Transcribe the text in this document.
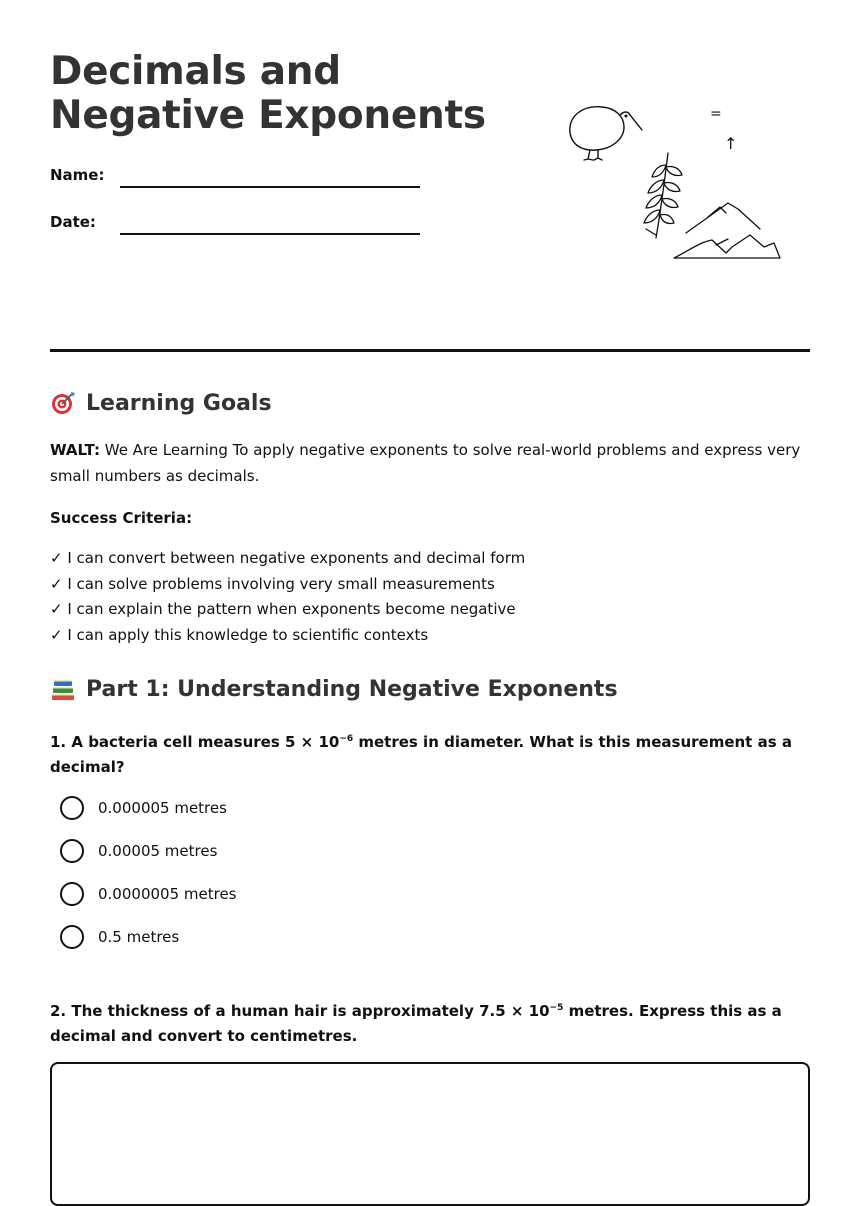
Decimals and Negative Exponents
Name:
Date:
=
↑
Learning Goals

WALT: We Are Learning To apply negative exponents to solve real-world problems and express very small numbers as decimals.

Success Criteria:

✓ I can convert between negative exponents and decimal form
✓ I can solve problems involving very small measurements
✓ I can explain the pattern when exponents become negative
✓ I can apply this knowledge to scientific contexts
Part 1: Understanding Negative Exponents

1. A bacteria cell measures $5 \times 10^{-6}$ metres in diameter. What is this measurement as a decimal?

0.000005 metres
0.00005 metres
0.0000005 metres
0.5 metres

2. The thickness of a human hair is approximately $7.5 \times 10^{-5}$ metres. Express this as a decimal and convert to centimetres.
